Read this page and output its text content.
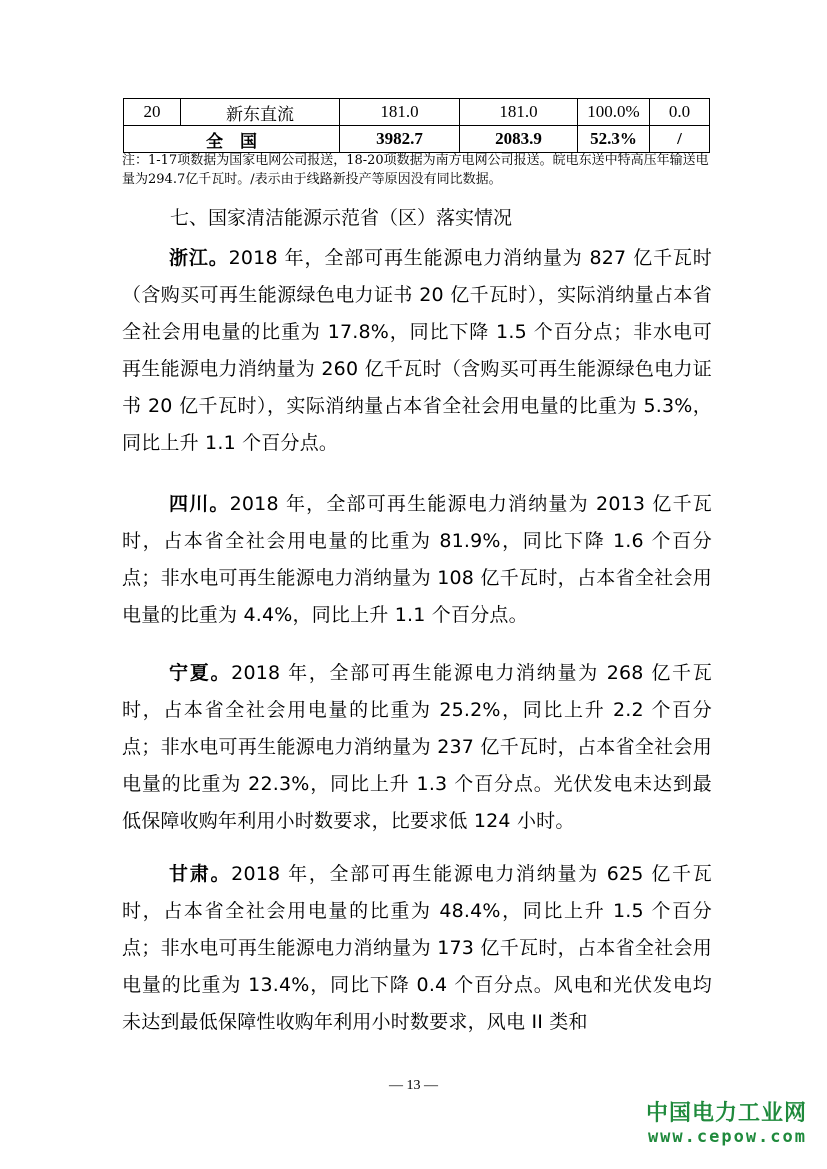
20	新东直流	181.0	181.0	100.0%	0.0
全　国		3982.7	2083.9	52.3%	/
注：1-17项数据为国家电网公司报送，18-20项数据为南方电网公司报送。皖电东送中特高压年输送电量为294.7亿千瓦时。/表示由于线路新投产等原因没有同比数据。
七、国家清洁能源示范省（区）落实情况

浙江。2018 年，全部可再生能源电力消纳量为 827 亿千瓦时（含购买可再生能源绿色电力证书 20 亿千瓦时），实际消纳量占本省全社会用电量的比重为 17.8%，同比下降 1.5 个百分点；非水电可再生能源电力消纳量为 260 亿千瓦时（含购买可再生能源绿色电力证书 20 亿千瓦时），实际消纳量占本省全社会用电量的比重为 5.3%，同比上升 1.1 个百分点。

四川。2018 年，全部可再生能源电力消纳量为 2013 亿千瓦时，占本省全社会用电量的比重为 81.9%，同比下降 1.6 个百分点；非水电可再生能源电力消纳量为 108 亿千瓦时，占本省全社会用电量的比重为 4.4%，同比上升 1.1 个百分点。

宁夏。2018 年，全部可再生能源电力消纳量为 268 亿千瓦时，占本省全社会用电量的比重为 25.2%，同比上升 2.2 个百分点；非水电可再生能源电力消纳量为 237 亿千瓦时，占本省全社会用电量的比重为 22.3%，同比上升 1.3 个百分点。光伏发电未达到最低保障收购年利用小时数要求，比要求低 124 小时。

甘肃。2018 年，全部可再生能源电力消纳量为 625 亿千瓦时，占本省全社会用电量的比重为 48.4%，同比上升 1.5 个百分点；非水电可再生能源电力消纳量为 173 亿千瓦时，占本省全社会用电量的比重为 13.4%，同比下降 0.4 个百分点。风电和光伏发电均未达到最低保障性收购年利用小时数要求，风电 II 类和

— 13 —
中国电力工业网
www.cepow.com
